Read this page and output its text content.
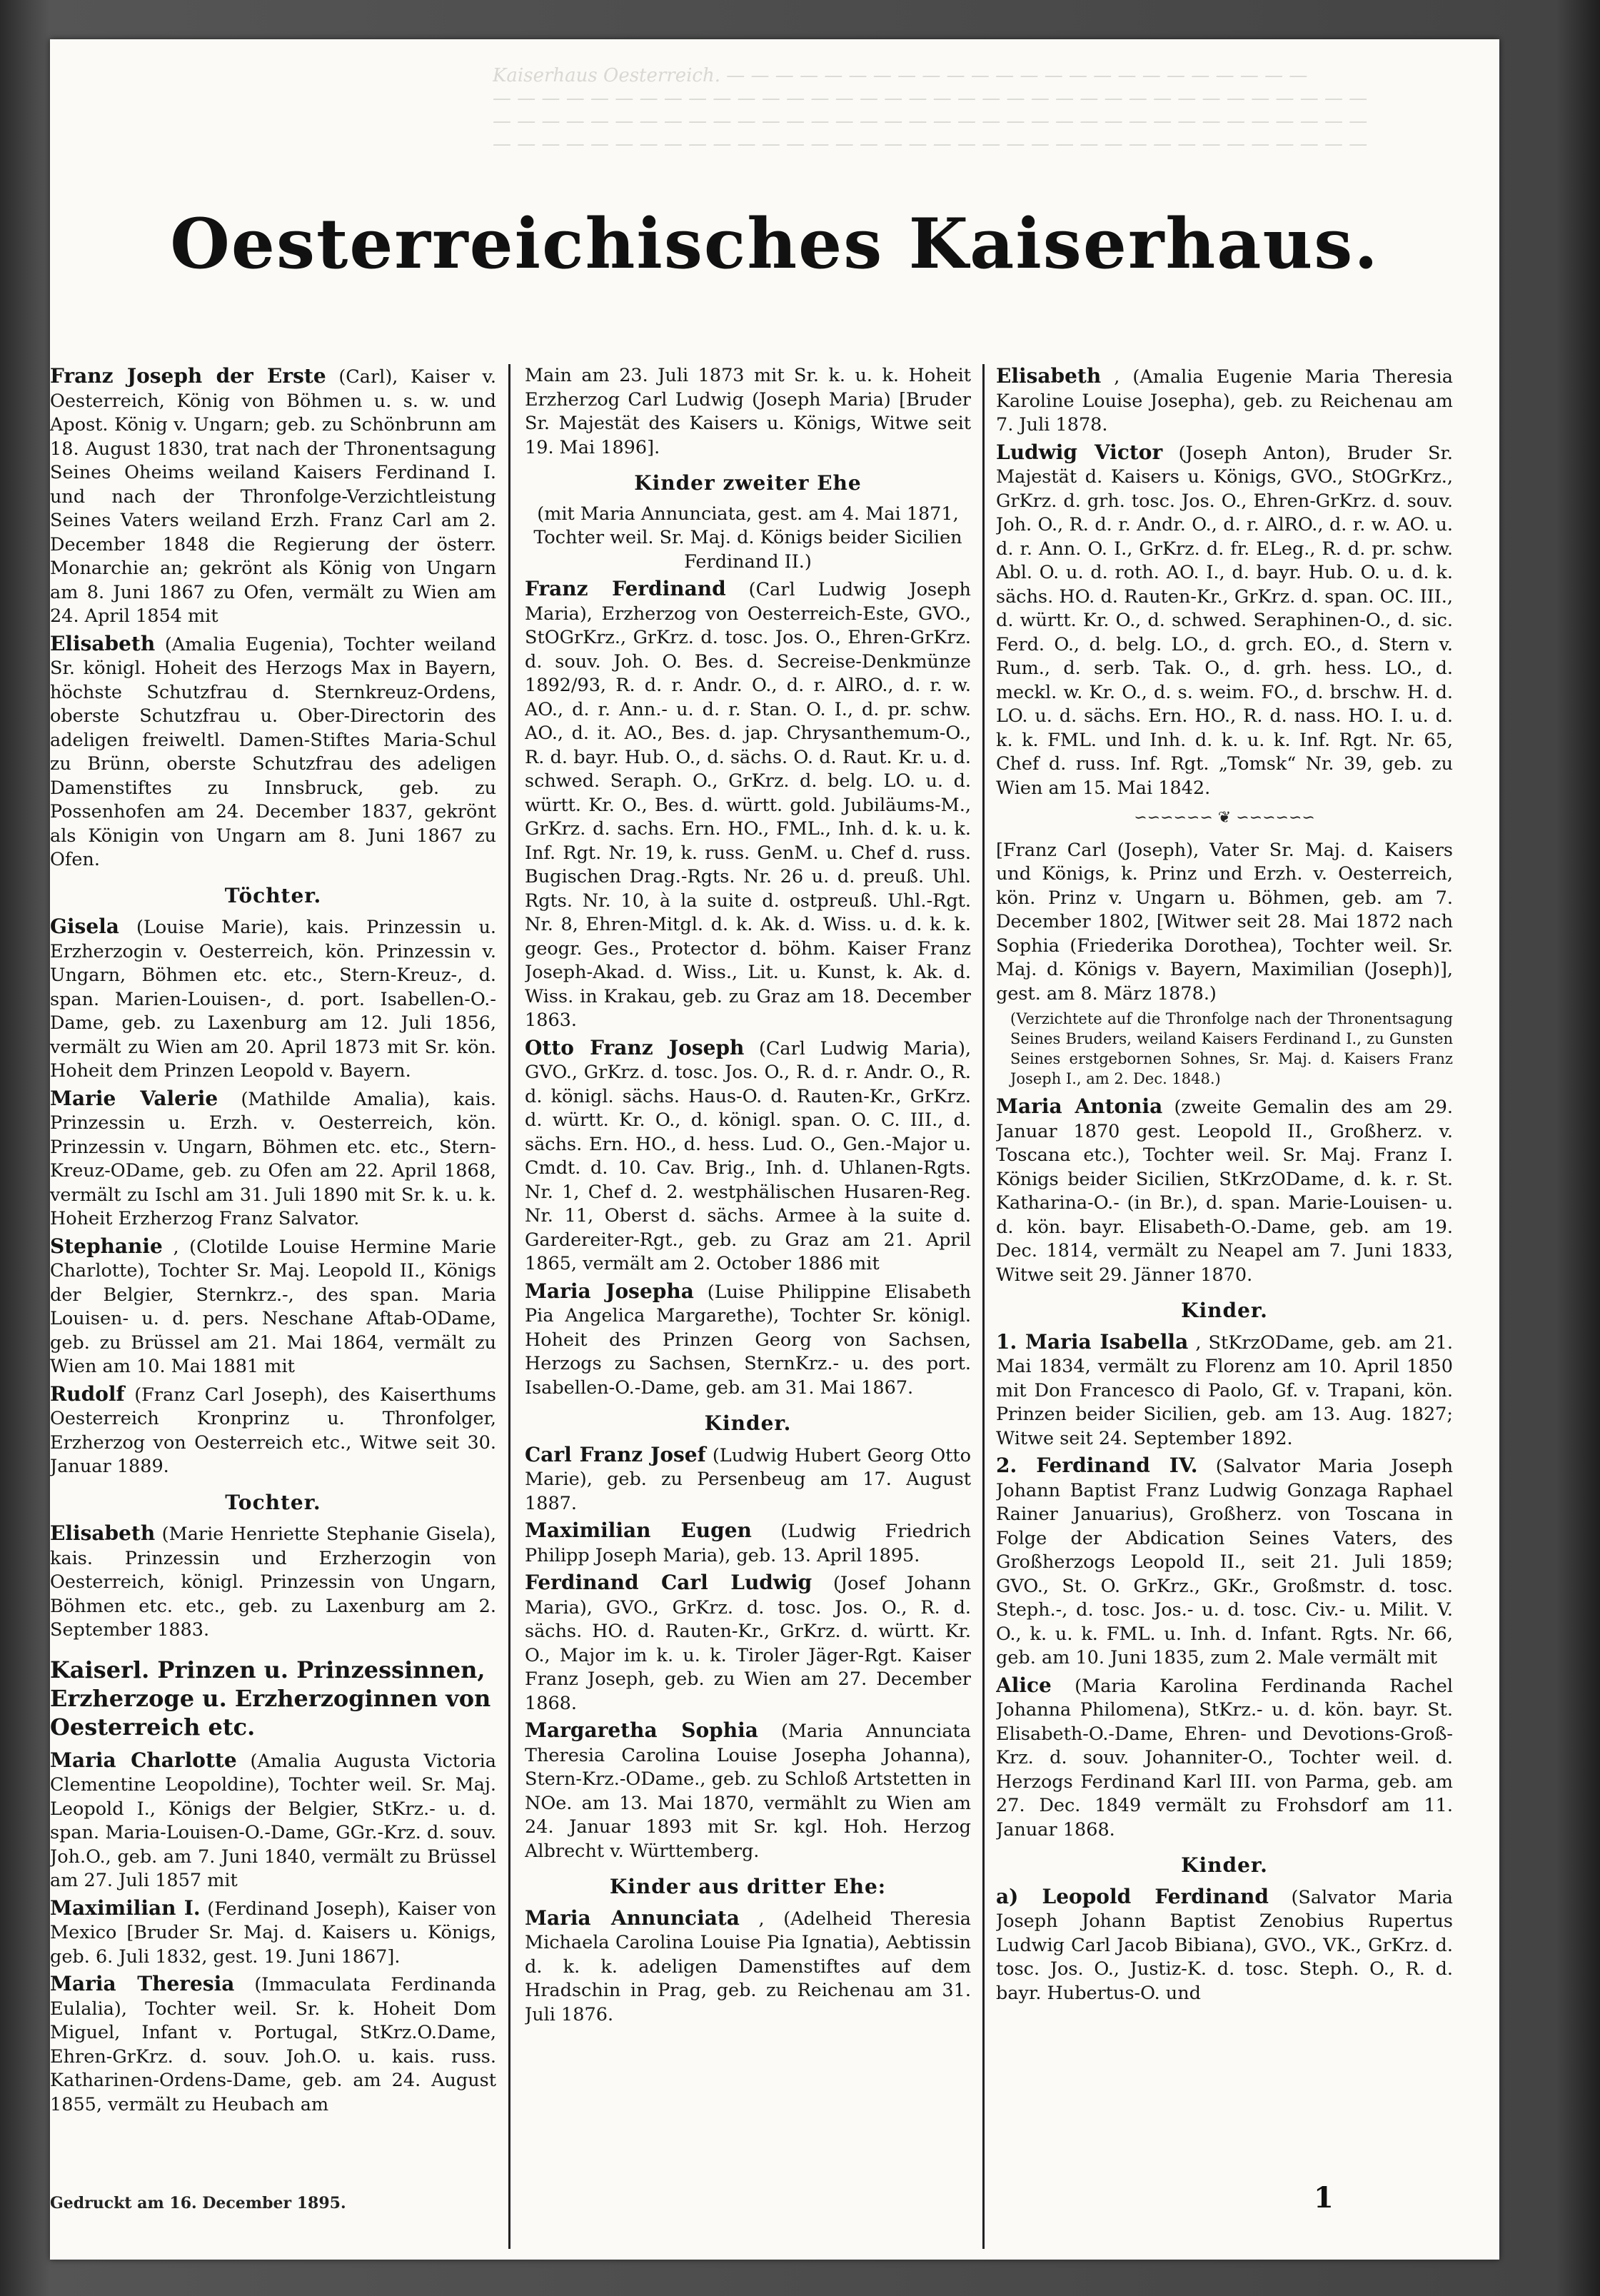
Kaiserhaus Oesterreich. — — — — — — — — — — — — — — — — — — — — — — — —
— — — — — — — — — — — — — — — — — — — — — — — — — — — — — — — — — — — —
— — — — — — — — — — — — — — — — — — — — — — — — — — — — — — — — — — — —
— — — — — — — — — — — — — — — — — — — — — — — — — — — — — — — — — — — —
Oesterreichisches Kaiserhaus.
Franz Joseph der Erste (Carl), Kaiser v. Oesterreich, König von Böhmen u. s. w. und Apost. König v. Ungarn; geb. zu Schönbrunn am 18. August 1830, trat nach der Thronentsagung Seines Oheims weiland Kaisers Ferdinand I. und nach der Thronfolge-Verzichtleistung Seines Vaters weiland Erzh. Franz Carl am 2. December 1848 die Regierung der österr. Monarchie an; gekrönt als König von Ungarn am 8. Juni 1867 zu Ofen, vermält zu Wien am 24. April 1854 mit
Elisabeth (Amalia Eugenia), Tochter weiland Sr. königl. Hoheit des Herzogs Max in Bayern, höchste Schutzfrau d. Sternkreuz-Ordens, oberste Schutzfrau u. Ober-Directorin des adeligen freiweltl. Damen-Stiftes Maria-Schul zu Brünn, oberste Schutzfrau des adeligen Damenstiftes zu Innsbruck, geb. zu Possenhofen am 24. December 1837, gekrönt als Königin von Ungarn am 8. Juni 1867 zu Ofen.
Töchter.
Gisela (Louise Marie), kais. Prinzessin u. Erzherzogin v. Oesterreich, kön. Prinzessin v. Ungarn, Böhmen etc. etc., Stern-Kreuz-, d. span. Marien-Louisen-, d. port. Isabellen-O.-Dame, geb. zu Laxenburg am 12. Juli 1856, vermält zu Wien am 20. April 1873 mit Sr. kön. Hoheit dem Prinzen Leopold v. Bayern.
Marie Valerie (Mathilde Amalia), kais. Prinzessin u. Erzh. v. Oesterreich, kön. Prinzessin v. Ungarn, Böhmen etc. etc., Stern-Kreuz-ODame, geb. zu Ofen am 22. April 1868, vermält zu Ischl am 31. Juli 1890 mit Sr. k. u. k. Hoheit Erzherzog Franz Salvator.
Stephanie , (Clotilde Louise Hermine Marie Charlotte), Tochter Sr. Maj. Leopold II., Königs der Belgier, Sternkrz.-, des span. Maria Louisen- u. d. pers. Neschane Aftab-ODame, geb. zu Brüssel am 21. Mai 1864, vermält zu Wien am 10. Mai 1881 mit
Rudolf (Franz Carl Joseph), des Kaiserthums Oesterreich Kronprinz u. Thronfolger, Erzherzog von Oesterreich etc., Witwe seit 30. Januar 1889.
Tochter.
Elisabeth (Marie Henriette Stephanie Gisela), kais. Prinzessin und Erzherzogin von Oesterreich, königl. Prinzessin von Ungarn, Böhmen etc. etc., geb. zu Laxenburg am 2. September 1883.
Kaiserl. Prinzen u. Prinzessinnen, Erzherzoge u. Erzherzoginnen von Oesterreich etc.
Maria Charlotte (Amalia Augusta Victoria Clementine Leopoldine), Tochter weil. Sr. Maj. Leopold I., Königs der Belgier, StKrz.- u. d. span. Maria-Louisen-O.-Dame, GGr.-Krz. d. souv. Joh.O., geb. am 7. Juni 1840, vermält zu Brüssel am 27. Juli 1857 mit
Maximilian I. (Ferdinand Joseph), Kaiser von Mexico [Bruder Sr. Maj. d. Kaisers u. Königs, geb. 6. Juli 1832, gest. 19. Juni 1867].
Maria Theresia (Immaculata Ferdinanda Eulalia), Tochter weil. Sr. k. Hoheit Dom Miguel, Infant v. Portugal, StKrz.O.Dame, Ehren-GrKrz. d. souv. Joh.O. u. kais. russ. Katharinen-Ordens-Dame, geb. am 24. August 1855, vermält zu Heubach am
Main am 23. Juli 1873 mit Sr. k. u. k. Hoheit Erzherzog Carl Ludwig (Joseph Maria) [Bruder Sr. Majestät des Kaisers u. Königs, Witwe seit 19. Mai 1896].
Kinder zweiter Ehe
(mit Maria Annunciata, gest. am 4. Mai 1871, Tochter weil. Sr. Maj. d. Königs beider Sicilien Ferdinand II.)
Franz Ferdinand (Carl Ludwig Joseph Maria), Erzherzog von Oesterreich-Este, GVO., StOGrKrz., GrKrz. d. tosc. Jos. O., Ehren-GrKrz. d. souv. Joh. O. Bes. d. Secreise-Denkmünze 1892/93, R. d. r. Andr. O., d. r. AlRO., d. r. w. AO., d. r. Ann.- u. d. r. Stan. O. I., d. pr. schw. AO., d. it. AO., Bes. d. jap. Chrysanthemum-O., R. d. bayr. Hub. O., d. sächs. O. d. Raut. Kr. u. d. schwed. Seraph. O., GrKrz. d. belg. LO. u. d. württ. Kr. O., Bes. d. württ. gold. Jubiläums-M., GrKrz. d. sachs. Ern. HO., FML., Inh. d. k. u. k. Inf. Rgt. Nr. 19, k. russ. GenM. u. Chef d. russ. Bugischen Drag.-Rgts. Nr. 26 u. d. preuß. Uhl. Rgts. Nr. 10, à la suite d. ostpreuß. Uhl.-Rgt. Nr. 8, Ehren-Mitgl. d. k. Ak. d. Wiss. u. d. k. k. geogr. Ges., Protector d. böhm. Kaiser Franz Joseph-Akad. d. Wiss., Lit. u. Kunst, k. Ak. d. Wiss. in Krakau, geb. zu Graz am 18. December 1863.
Otto Franz Joseph (Carl Ludwig Maria), GVO., GrKrz. d. tosc. Jos. O., R. d. r. Andr. O., R. d. königl. sächs. Haus-O. d. Rauten-Kr., GrKrz. d. württ. Kr. O., d. königl. span. O. C. III., d. sächs. Ern. HO., d. hess. Lud. O., Gen.-Major u. Cmdt. d. 10. Cav. Brig., Inh. d. Uhlanen-Rgts. Nr. 1, Chef d. 2. westphälischen Husaren-Reg. Nr. 11, Oberst d. sächs. Armee à la suite d. Gardereiter-Rgt., geb. zu Graz am 21. April 1865, vermält am 2. October 1886 mit
Maria Josepha (Luise Philippine Elisabeth Pia Angelica Margarethe), Tochter Sr. königl. Hoheit des Prinzen Georg von Sachsen, Herzogs zu Sachsen, SternKrz.- u. des port. Isabellen-O.-Dame, geb. am 31. Mai 1867.
Kinder.
Carl Franz Josef (Ludwig Hubert Georg Otto Marie), geb. zu Persenbeug am 17. August 1887.
Maximilian Eugen (Ludwig Friedrich Philipp Joseph Maria), geb. 13. April 1895.
Ferdinand Carl Ludwig (Josef Johann Maria), GVO., GrKrz. d. tosc. Jos. O., R. d. sächs. HO. d. Rauten-Kr., GrKrz. d. württ. Kr. O., Major im k. u. k. Tiroler Jäger-Rgt. Kaiser Franz Joseph, geb. zu Wien am 27. December 1868.
Margaretha Sophia (Maria Annunciata Theresia Carolina Louise Josepha Johanna), Stern-Krz.-ODame., geb. zu Schloß Artstetten in NOe. am 13. Mai 1870, vermählt zu Wien am 24. Januar 1893 mit Sr. kgl. Hoh. Herzog Albrecht v. Württemberg.
Kinder aus dritter Ehe:
Maria Annunciata , (Adelheid Theresia Michaela Carolina Louise Pia Ignatia), Aebtissin d. k. k. adeligen Damenstiftes auf dem Hradschin in Prag, geb. zu Reichenau am 31. Juli 1876.
Elisabeth , (Amalia Eugenie Maria Theresia Karoline Louise Josepha), geb. zu Reichenau am 7. Juli 1878.
Ludwig Victor (Joseph Anton), Bruder Sr. Majestät d. Kaisers u. Königs, GVO., StOGrKrz., GrKrz. d. grh. tosc. Jos. O., Ehren-GrKrz. d. souv. Joh. O., R. d. r. Andr. O., d. r. AlRO., d. r. w. AO. u. d. r. Ann. O. I., GrKrz. d. fr. ELeg., R. d. pr. schw. Abl. O. u. d. roth. AO. I., d. bayr. Hub. O. u. d. k. sächs. HO. d. Rauten-Kr., GrKrz. d. span. OC. III., d. württ. Kr. O., d. schwed. Seraphinen-O., d. sic. Ferd. O., d. belg. LO., d. grch. EO., d. Stern v. Rum., d. serb. Tak. O., d. grh. hess. LO., d. meckl. w. Kr. O., d. s. weim. FO., d. brschw. H. d. LO. u. d. sächs. Ern. HO., R. d. nass. HO. I. u. d. k. k. FML. und Inh. d. k. u. k. Inf. Rgt. Nr. 65, Chef d. russ. Inf. Rgt. „Tomsk“ Nr. 39, geb. zu Wien am 15. Mai 1842.
∽∽∽∽∽∽ ❦ ∽∽∽∽∽∽
[Franz Carl (Joseph), Vater Sr. Maj. d. Kaisers und Königs, k. Prinz und Erzh. v. Oesterreich, kön. Prinz v. Ungarn u. Böhmen, geb. am 7. December 1802, [Witwer seit 28. Mai 1872 nach Sophia (Friederika Dorothea), Tochter weil. Sr. Maj. d. Königs v. Bayern, Maximilian (Joseph)], gest. am 8. März 1878.)
(Verzichtete auf die Thronfolge nach der Thronentsagung Seines Bruders, weiland Kaisers Ferdinand I., zu Gunsten Seines erstgebornen Sohnes, Sr. Maj. d. Kaisers Franz Joseph I., am 2. Dec. 1848.)
Maria Antonia (zweite Gemalin des am 29. Januar 1870 gest. Leopold II., Großherz. v. Toscana etc.), Tochter weil. Sr. Maj. Franz I. Königs beider Sicilien, StKrzODame, d. k. r. St. Katharina-O.- (in Br.), d. span. Marie-Louisen- u. d. kön. bayr. Elisabeth-O.-Dame, geb. am 19. Dec. 1814, vermält zu Neapel am 7. Juni 1833, Witwe seit 29. Jänner 1870.
Kinder.
1. Maria Isabella , StKrzODame, geb. am 21. Mai 1834, vermält zu Florenz am 10. April 1850 mit Don Francesco di Paolo, Gf. v. Trapani, kön. Prinzen beider Sicilien, geb. am 13. Aug. 1827; Witwe seit 24. September 1892.
2. Ferdinand IV. (Salvator Maria Joseph Johann Baptist Franz Ludwig Gonzaga Raphael Rainer Januarius), Großherz. von Toscana in Folge der Abdication Seines Vaters, des Großherzogs Leopold II., seit 21. Juli 1859; GVO., St. O. GrKrz., GKr., Großmstr. d. tosc. Steph.-, d. tosc. Jos.- u. d. tosc. Civ.- u. Milit. V. O., k. u. k. FML. u. Inh. d. Infant. Rgts. Nr. 66, geb. am 10. Juni 1835, zum 2. Male vermält mit
Alice (Maria Karolina Ferdinanda Rachel Johanna Philomena), StKrz.- u. d. kön. bayr. St. Elisabeth-O.-Dame, Ehren- und Devotions-Groß-Krz. d. souv. Johanniter-O., Tochter weil. d. Herzogs Ferdinand Karl III. von Parma, geb. am 27. Dec. 1849 vermält zu Frohsdorf am 11. Januar 1868.
Kinder.
a) Leopold Ferdinand (Salvator Maria Joseph Johann Baptist Zenobius Rupertus Ludwig Carl Jacob Bibiana), GVO., VK., GrKrz. d. tosc. Jos. O., Justiz-K. d. tosc. Steph. O., R. d. bayr. Hubertus-O. und
Gedruckt am 16. December 1895.	1
